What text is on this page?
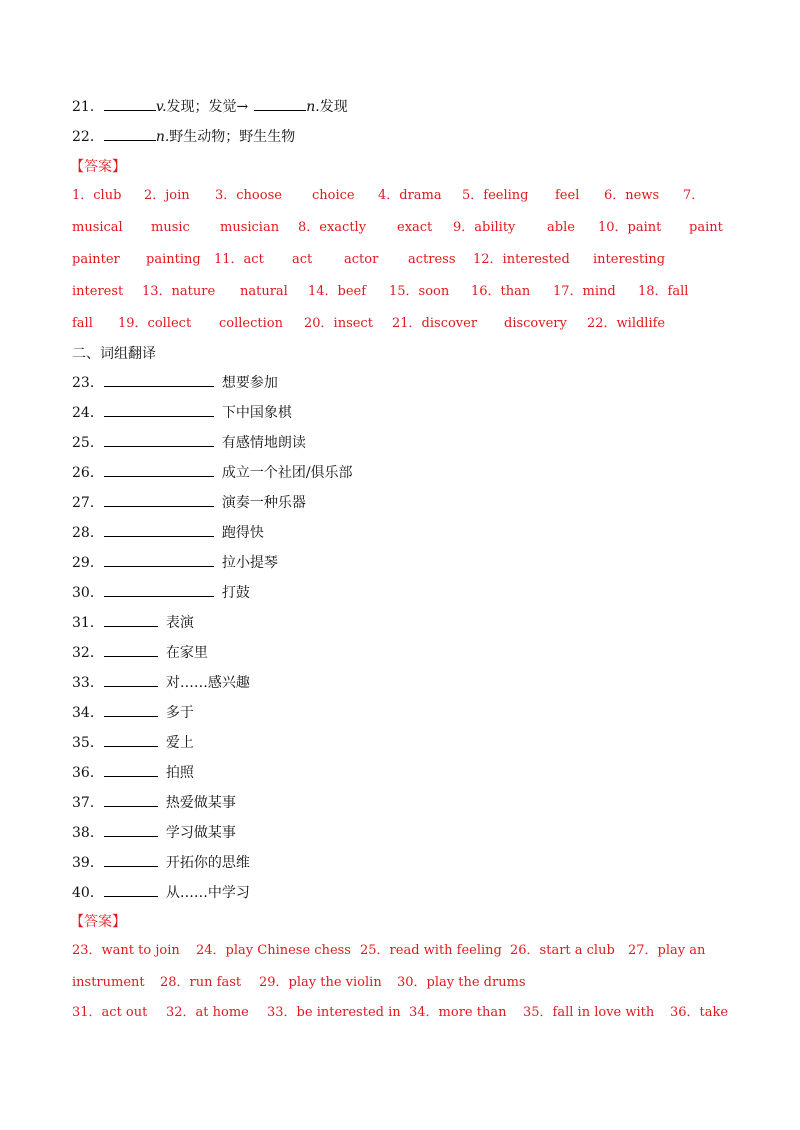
21．	v.发现；发觉→	n.发现
22．	n.野生动物；野生生物
【答案】
1．club 2．join 3．choose choice 4．drama 5．feeling feel 6．news 7．
musical music musician 8．exactly exact 9．ability able 10．paint paint
painter painting 11．act act actor actress 12．interested interesting
interest 13．nature natural 14．beef 15．soon 16．than 17．mind 18．fall
fall 19．collect collection 20．insect 21．discover discovery 22．wildlife
二、词组翻译
23．	想要参加
24．	下中国象棋
25．	有感情地朗读
26．	成立一个社团/俱乐部
27．	演奏一种乐器
28．	跑得快
29．	拉小提琴
30．	打鼓
31．	表演
32．	在家里
33．	对……感兴趣
34．	多于
35．	爱上
36．	拍照
37．	热爱做某事
38．	学习做某事
39．	开拓你的思维
40．	从……中学习
【答案】
23．want to join 24．play Chinese chess 25．read with feeling 26．start a club 27．play an
instrument 28．run fast 29．play the violin 30．play the drums
31．act out 32．at home 33．be interested in 34．more than 35．fall in love with 36．take
